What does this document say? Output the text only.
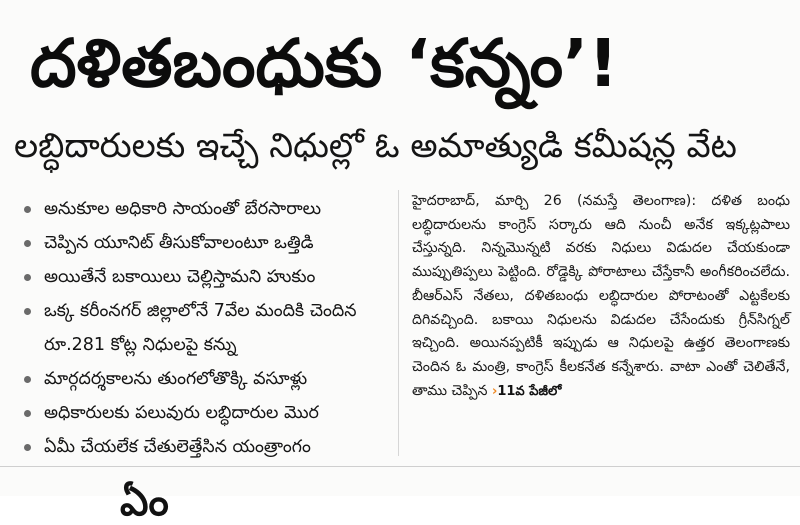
దళితబంధుకు ‘కన్నం’!
లబ్ధిదారులకు ఇచ్చే నిధుల్లో ఓ అమాత్యుడి కమీషన్ల వేట
అనుకూల అధికారి సాయంతో బేరసారాలు
చెప్పిన యూనిట్ తీసుకోవాలంటూ ఒత్తిడి
అయితేనే బకాయిలు చెల్లిస్తామని హుకుం
ఒక్క కరీంనగర్ జిల్లాలోనే 7వేల మందికి చెందిన రూ.281 కోట్ల నిధులపై కన్ను
మార్గదర్శకాలను తుంగలోతొక్కి వసూళ్లు
అధికారులకు పలువురు లబ్ధిదారుల మొర
ఏమీ చేయలేక చేతులెత్తేసిన యంత్రాంగం

హైదరాబాద్, మార్చి 26 (నమస్తే తెలంగాణ): దళిత బంధు లబ్ధిదారులను కాంగ్రెస్ సర్కారు ఆది నుంచీ అనేక ఇక్కట్లపాలు చేస్తున్నది. నిన్నమొన్నటి వరకు నిధులు విడుదల చేయకుండా ముప్పుతిప్పలు పెట్టింది. రోడ్డెక్కి పోరాటాలు చేస్తేకానీ అంగీకరించలేదు. బీఆర్ఎస్ నేతలు, దళితబంధు లబ్ధిదారుల పోరాటంతో ఎట్టకేలకు దిగివచ్చింది. బకాయి నిధులను విడుదల చేసేందుకు గ్రీన్‌సిగ్నల్ ఇచ్చింది. అయినప్పటికీ ఇప్పుడు ఆ నిధులపై ఉత్తర తెలంగాణకు చెందిన ఓ మంత్రి, కాంగ్రెస్ కీలకనేత కన్నేశారు. వాటా ఎంతో చెలితేనే, తాము చెప్పిన ›11వ పేజీలో

ఏం
